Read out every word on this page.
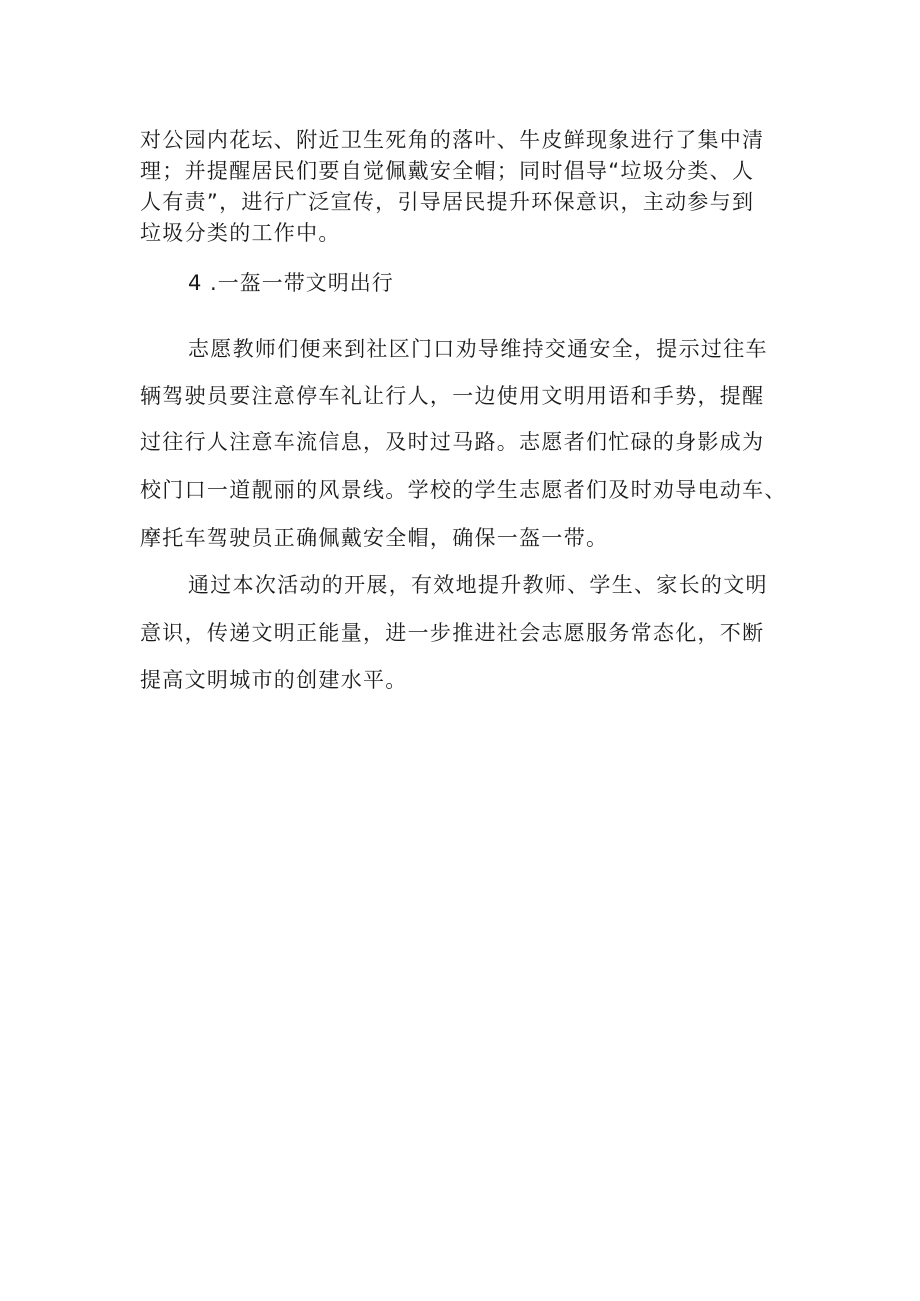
对公园内花坛、附近卫生死角的落叶、牛皮鲜现象进行了集中清
理；并提醒居民们要自觉佩戴安全帽；同时倡导“垃圾分类、人
人有责”，进行广泛宣传，引导居民提升环保意识，主动参与到
垃圾分类的工作中。
4 .一盔一带文明出行
志愿教师们便来到社区门口劝导维持交通安全，提示过往车
辆驾驶员要注意停车礼让行人，一边使用文明用语和手势，提醒
过往行人注意车流信息，及时过马路。志愿者们忙碌的身影成为
校门口一道靓丽的风景线。学校的学生志愿者们及时劝导电动车、
摩托车驾驶员正确佩戴安全帽，确保一盔一带。
通过本次活动的开展，有效地提升教师、学生、家长的文明
意识，传递文明正能量，进一步推进社会志愿服务常态化，不断
提高文明城市的创建水平。
